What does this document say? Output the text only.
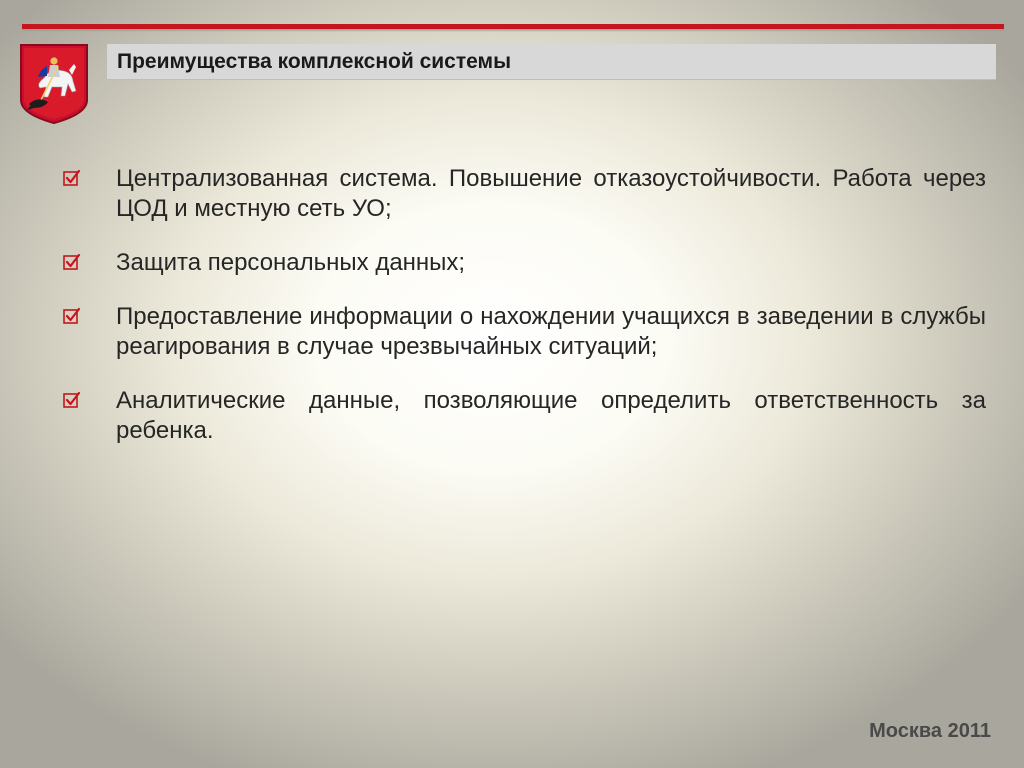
Преимущества комплексной системы
Централизованная система. Повышение отказоустойчивости. Работа через ЦОД и местную сеть УО;
Защита персональных данных;
Предоставление информации о нахождении учащихся в заведении в службы реагирования в случае чрезвычайных ситуаций;
Аналитические данные, позволяющие определить ответственность за ребенка.
Москва 2011
